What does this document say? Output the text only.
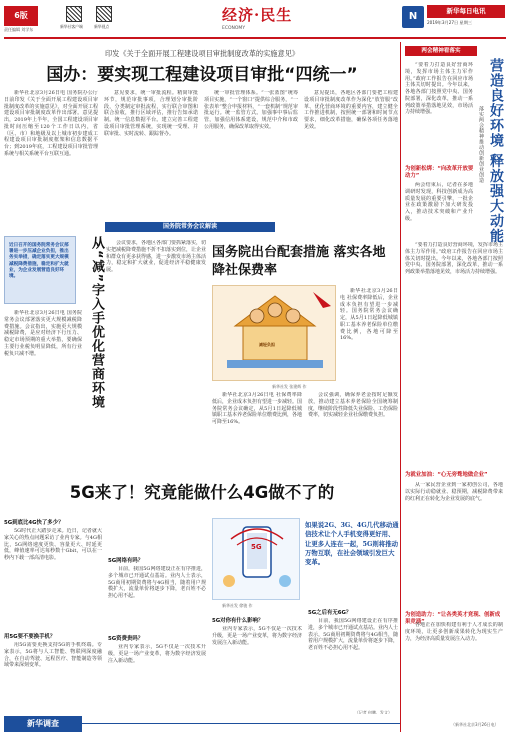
6版
责任编辑 刘学东
新华社客户端	新华视点
经济·民生
ECONOMY
N	新华每日电讯
2019年3月27日 星期三
印发《关于全面开展工程建设项目审批制度改革的实施意见》
国办：要实现工程建设项目审批“四统一”

新华社北京3月26日电 国务院办公厅日前印发《关于全面开展工程建设项目审批制度改革的实施意见》，对全面开展工程建设项目审批制度改革作出部署。意见提出，2019年上半年，全国工程建设项目审批时间压缩至120个工作日以内，省（区、市）和地级及以上城市初步建成工程建设项目审批制度框架和信息数据平台；到2019年底，工程建设项目审批管理系统与相关系统平台互联互通。

意见要求，统一审批流程。精简审批环节，规范审批事项，合理划分审批阶段，分类制定审批流程，实行联合审图和联合验收，推行区域评估，推行告知承诺制。统一信息数据平台。建立完善工程建设项目审批管理系统，实现统一受理、并联审批、实时流转、跟踪督办。

统一审批管理体系。“一张蓝图”统筹项目实施，“一个窗口”提供综合服务，“一张表单”整合申报材料，“一套机制”规范审批运行。统一监管方式。加强事中事后监管，加强信用体系建设，规范中介和市政公用服务，确保改革取得实效。

意见提出，各地区各部门要把工程建设项目审批制度改革作为深化“放管服”改革、优化营商环境的重要内容，建立健全工作推进机制，按照统一部署和时间节点要求，细化改革措施，确保各项任务落地见效。

国务院常务会议解读
近日召开的国务院常务会议部署进一步压减企业负担，推出务实举措，确定落实更大规模减税降费措施，稳定和扩大就业，为企业发展营造良好环境。

新华社北京3月26日电 国务院常务会议部署落实更大规模减税降费措施。会议指出，实施更大规模减税降费，是应对经济下行压力、稳定市场预期的重大举措，要确保主要行业税负明显降低，所有行业税负只减不增。	从“减”字入手优化营商环境	会议要求，各地区各部门要抓紧落实，切实把减税降费措施不折不扣落实到位，让企业和群众有更多获得感，进一步激发市场主体活力，稳定和扩大就业，促进经济平稳健康发展。

国务院出台配套措施 落实各地降社保费率
减轻负担
新华社发 张建辉 作

新华社北京3月26日电 社保费率降低后，企业成本负担有望进一步减轻。国务院常务会议确定，从5月1日起降低城镇职工基本养老保险单位缴费比例，各地可降至16%。

会议强调，确保养老金按时足额发放，推动建立基本养老保险全国统筹制度，继续阶段性降低失业保险、工伤保险费率，切实减轻企业社保缴费负担。

新华社北京3月26日电 社保费率降低后，企业成本负担有望进一步减轻。国务院常务会议确定，从5月1日起降低城镇职工基本养老保险单位缴费比例，各地可降至16%。

5G来了！究竟能做什么4G做不了的
5G到底比4G快了多少？

5G时代正大踏步走来。近日，记者就大家关心的热点问题采访了业内专家。与4G相比，5G网络速度更快、容量更大、时延更低，峰值速率可达每秒数十Gbit，可以在一秒内下载一部高清电影。

用5G要不要换手机？

用5G需要更换支持5G的手机终端。专家表示，5G将与人工智能、物联网深度融合，在自动驾驶、远程医疗、智能制造等领域带来深刻变革。

5G网络有吗？

目前，我国5G网络建设正在有序推进，多个城市已开通试点基站。业内人士表示，5G商用初期资费将与4G相当，随着用户规模扩大，流量单价将逐步下降，老百姓不必担心用不起。

5G资费贵吗？

业内专家表示，5G不仅是一次技术升级，更是一场产业变革，将为数字经济发展注入新动能。

5G
新华社发 徐骏 作
如果说2G、3G、4G几代移动通信技术让个人手机变得更好用、让更多人连在一起，5G则将推动万物互联，在社会领域引发巨大变革。
5G对你有什么影响？

业内专家表示，5G不仅是一次技术升级，更是一场产业变革，将为数字经济发展注入新动能。

5G之后有无6G？

目前，我国5G网络建设正在有序推进，多个城市已开通试点基站。业内人士表示，5G商用初期资费将与4G相当，随着用户规模扩大，流量单价将逐步下降，老百姓不必担心用不起。

（记者 何鹏、发文）
新华调查
两会精神看落实
营造良好环境 释放强大动能
落实两会精神推动创新创业创造

“要着力打造良好营商环境，发挥市场主体主力军作用。”政府工作报告在回应市场主体关切时提出。今年以来，各地各部门按照党中央、国务院部署，深化改革，推动一系列政策举措落地见效，市场活力持续增强。

为创新松绑：“向改革开放要动力”

两会结束后，记者在多地调研时发现，科技创新成为高质量发展的重要引擎，一批企业在政策激励下加大研发投入，推动技术突破和产业升级。

“要着力打造良好营商环境，发挥市场主体主力军作用。”政府工作报告在回应市场主体关切时提出。今年以来，各地各部门按照党中央、国务院部署，深化改革，推动一系列政策举措落地见效，市场活力持续增强。

为就业加油：“心无旁骛地做企业”

从一家民营企业到一家初创公司，各地以实际行动稳就业、稳预期，减税降费带来的红利正在转化为企业发展的底气。

为创造助力：“让各类英才竞现、创新成果竞涌”

各地正在加快构建有利于人才成长的制度环境，让更多创新成果转化为现实生产力，为经济高质量发展注入动力。

（新华社北京3月26日电）
